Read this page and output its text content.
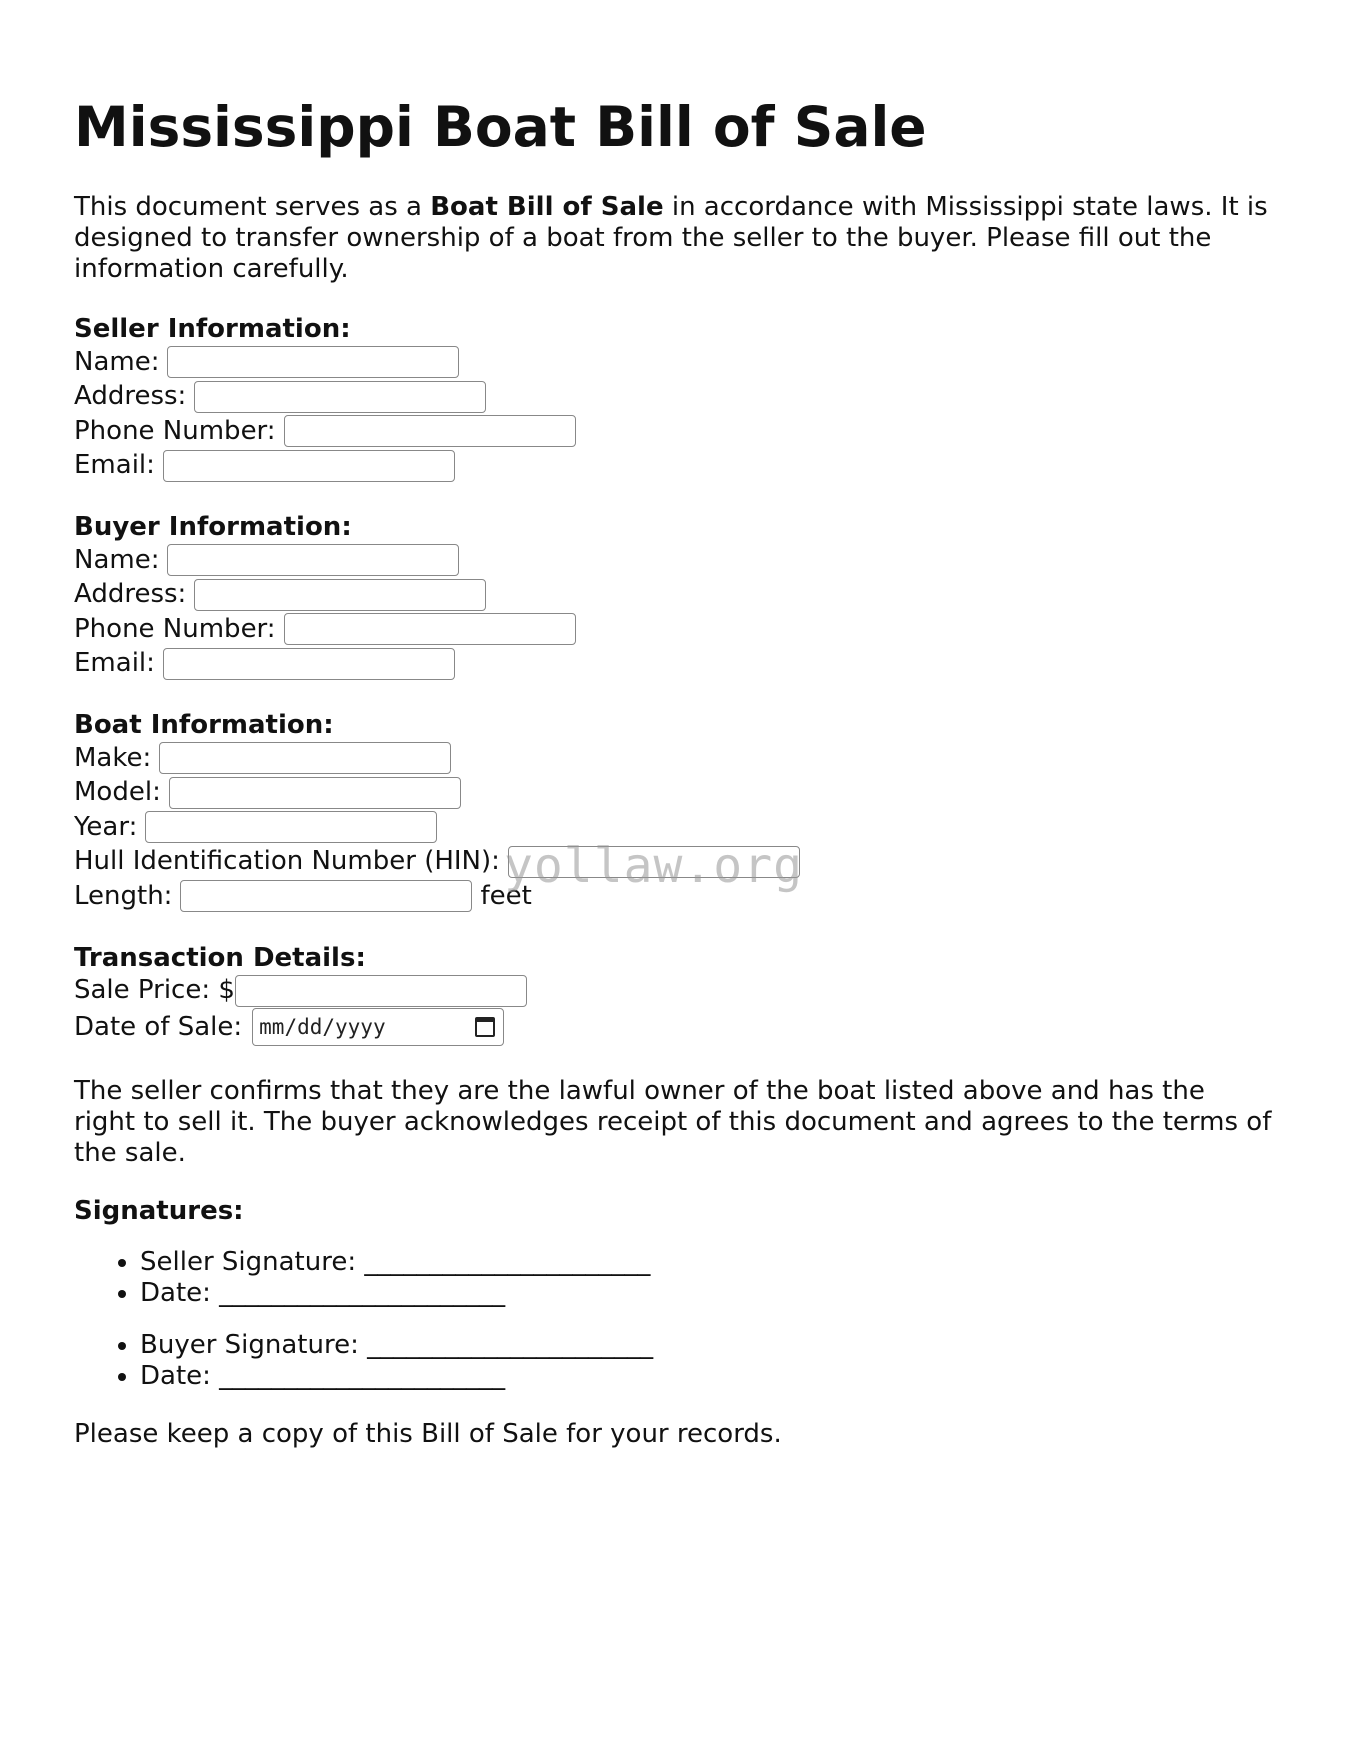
Mississippi Boat Bill of Sale

This document serves as a Boat Bill of Sale in accordance with Mississippi state laws. It is designed to transfer ownership of a boat from the seller to the buyer. Please fill out the information carefully.

Seller Information:

Name:
Address:
Phone Number:
Email:

Buyer Information:

Name:
Address:
Phone Number:
Email:

Boat Information:

Make:
Model:
Year:
Hull Identification Number (HIN):
Length:	feet

Transaction Details:

Sale Price: $
Date of Sale: mm/dd/yyyy

The seller confirms that they are the lawful owner of the boat listed above and has the right to sell it. The buyer acknowledges receipt of this document and agrees to the terms of the sale.

Signatures:

• Seller Signature: ______________________
• Date: ______________________
• Buyer Signature: ______________________
• Date: ______________________

Please keep a copy of this Bill of Sale for your records.

yollaw.org
